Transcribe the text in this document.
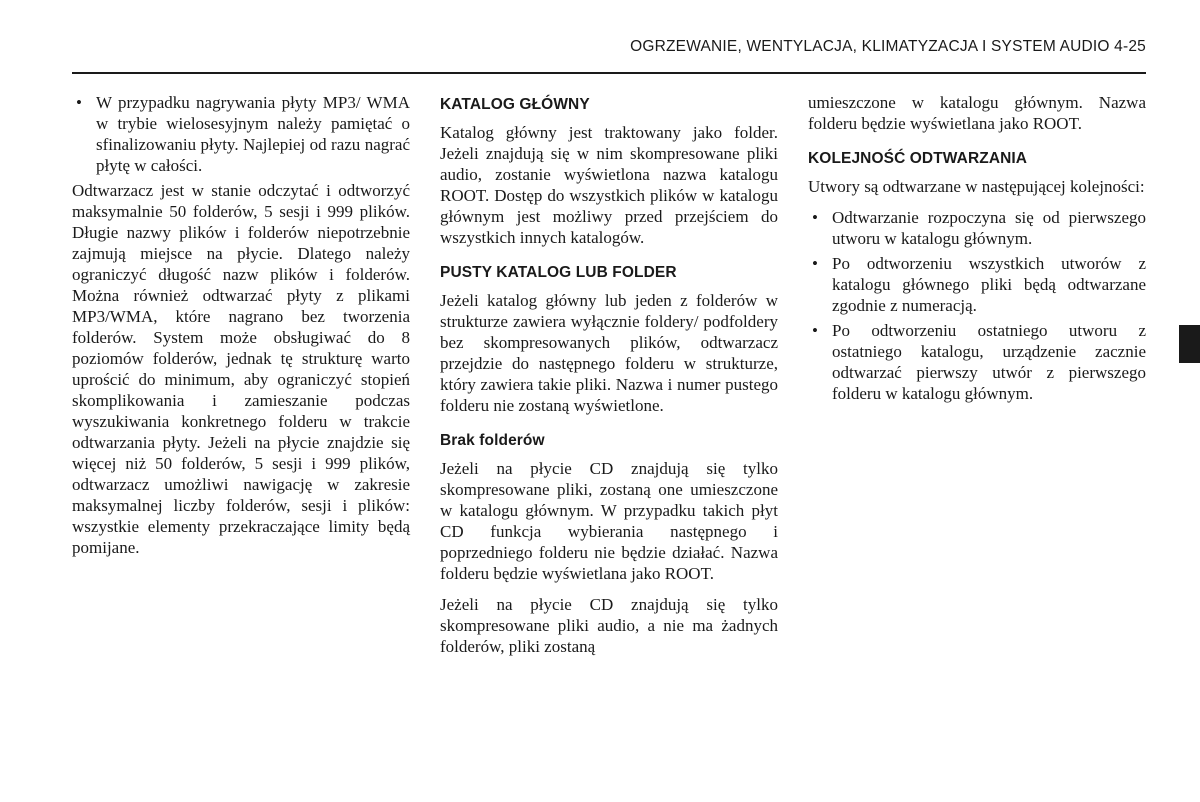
OGRZEWANIE, WENTYLACJA, KLIMATYZACJA I SYSTEM AUDIO 4-25
• W przypadku nagrywania płyty MP3/ WMA w trybie wielosesyjnym należy pamiętać o sfinalizowaniu płyty. Najlepiej od razu nagrać płytę w całości.

Odtwarzacz jest w stanie odczytać i odtworzyć maksymalnie 50 folderów, 5 sesji i 999 plików. Długie nazwy plików i folderów niepotrzebnie zajmują miejsce na płycie. Dlatego należy ograniczyć długość nazw plików i folderów. Można również odtwarzać płyty z plikami MP3/WMA, które nagrano bez tworzenia folderów. System może obsługiwać do 8 poziomów folderów, jednak tę strukturę warto uprościć do minimum, aby ograniczyć stopień skomplikowania i zamieszanie podczas wyszukiwania konkretnego folderu w trakcie odtwarzania płyty. Jeżeli na płycie znajdzie się więcej niż 50 folderów, 5 sesji i 999 plików, odtwarzacz umożliwi nawigację w zakresie maksymalnej liczby folderów, sesji i plików: wszystkie elementy przekraczające limity będą pomijane.

KATALOG GŁÓWNY

Katalog główny jest traktowany jako folder. Jeżeli znajdują się w nim skompresowane pliki audio, zostanie wyświetlona nazwa katalogu ROOT. Dostęp do wszystkich plików w katalogu głównym jest możliwy przed przejściem do wszystkich innych katalogów.

PUSTY KATALOG LUB FOLDER

Jeżeli katalog główny lub jeden z folderów w strukturze zawiera wyłącznie foldery/ podfoldery bez skompresowanych plików, odtwarzacz przejdzie do następnego folderu w strukturze, który zawiera takie pliki. Nazwa i numer pustego folderu nie zostaną wyświetlone.

Brak folderów

Jeżeli na płycie CD znajdują się tylko skompresowane pliki, zostaną one umieszczone w katalogu głównym. W przypadku takich płyt CD funkcja wybierania następnego i poprzedniego folderu nie będzie działać. Nazwa folderu będzie wyświetlana jako ROOT.

Jeżeli na płycie CD znajdują się tylko skompresowane pliki audio, a nie ma żadnych folderów, pliki zostaną

umieszczone w katalogu głównym. Nazwa folderu będzie wyświetlana jako ROOT.

KOLEJNOŚĆ ODTWARZANIA

Utwory są odtwarzane w następującej kolejności:

• Odtwarzanie rozpoczyna się od pierwszego utworu w katalogu głównym.
• Po odtworzeniu wszystkich utworów z katalogu głównego pliki będą odtwarzane zgodnie z numeracją.
• Po odtworzeniu ostatniego utworu z ostatniego katalogu, urządzenie zacznie odtwarzać pierwszy utwór z pierwszego folderu w katalogu głównym.
